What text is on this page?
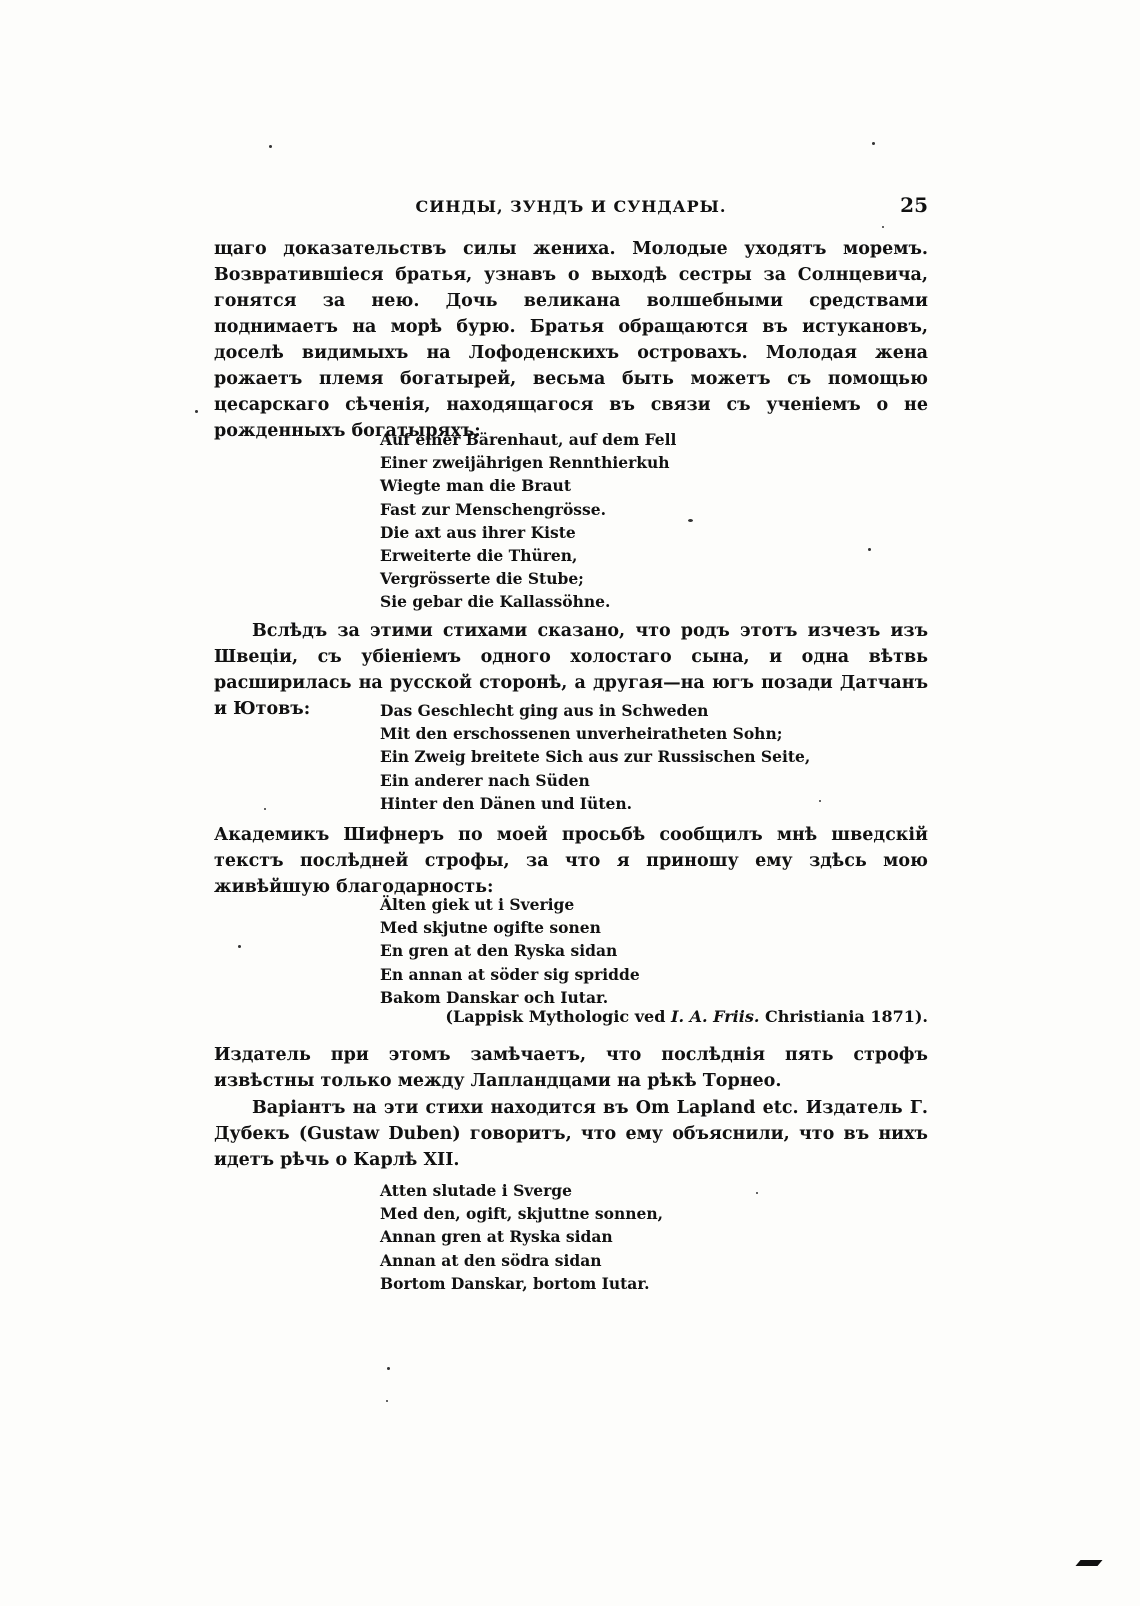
СИНДЫ, ЗУНДЪ И СУНДАРЫ.	25

щаго доказательствъ силы жениха. Молодые уходятъ моремъ. Возвратившіеся братья, узнавъ о выходѣ сестры за Солнцевича, гонятся за нею. Дочь великана волшебными средствами поднимаетъ на морѣ бурю. Братья обращаются въ истукановъ, доселѣ видимыхъ на Лофоденскихъ островахъ. Молодая жена рожаетъ племя богатырей, весьма быть можетъ съ помощью цесарскаго сѣченія, находящагося въ связи съ ученіемъ о не рожденныхъ богатыряхъ:

Auf einer Bärenhaut, auf dem Fell
Einer zweijährigen Rennthierkuh
Wiegte man die Braut
Fast zur Menschengrösse.
Die axt aus ihrer Kiste
Erweiterte die Thüren,
Vergrösserte die Stube;
Sie gebar die Kallassöhne.

Вслѣдъ за этими стихами сказано, что родъ этотъ изчезъ изъ Швеціи, съ убіеніемъ одного холостаго сына, и одна вѣтвь расширилась на русской сторонѣ, а другая—на югъ позади Датчанъ и Ютовъ:	Das Geschlecht ging aus in Schweden
Mit den erschossenen unverheiratheten Sohn;
Ein Zweig breitete Sich aus zur Russischen Seite,
Ein anderer nach Süden
Hinter den Dänen und Iüten.

Академикъ Шифнеръ по моей просьбѣ сообщилъ мнѣ шведскій текстъ послѣдней строфы, за что я приношу ему здѣсь мою живѣйшую благодарность:

Älten giek ut i Sverige
Med skjutne ogifte sonen
En gren at den Ryska sidan
En annan at söder sig spridde
Bakom Danskar och Iutar.
(Lappisk Mythologic ved I. A. Friis. Christiania 1871).

Издатель при этомъ замѣчаетъ, что послѣднія пять строфъ извѣстны только между Лапландцами на рѣкѣ Торнео.

Варіантъ на эти стихи находится въ Om Lapland etc. Издатель Г. Дубекъ (Gustaw Duben) говоритъ, что ему объяснили, что въ нихъ идетъ рѣчь о Карлѣ XII.

Atten slutade i Sverge
Med den, ogift, skjuttne sonnen,
Annan gren at Ryska sidan
Annan at den södra sidan
Bortom Danskar, bortom Iutar.
